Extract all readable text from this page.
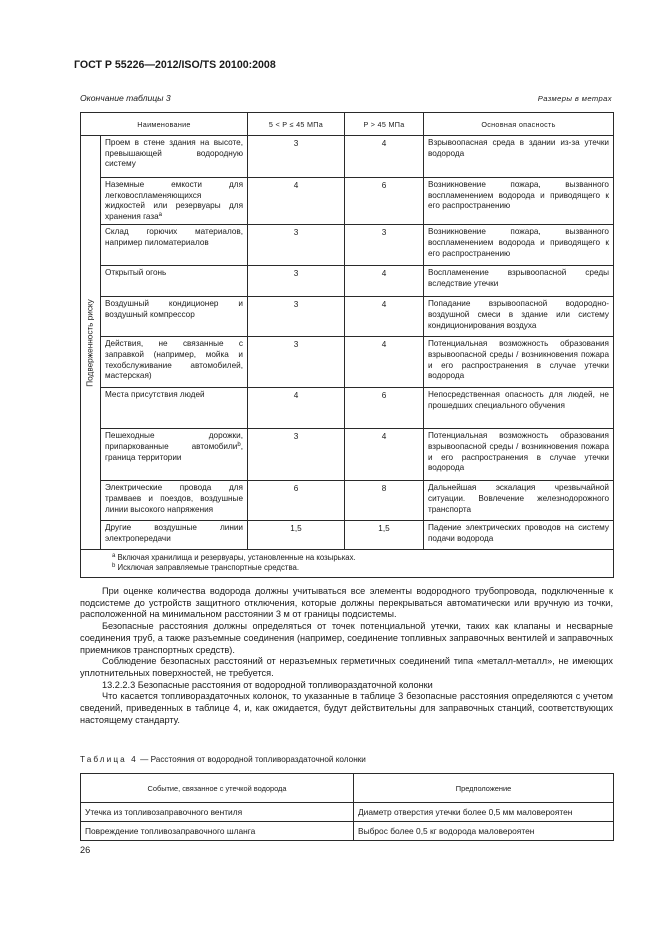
ГОСТ Р 55226—2012/ISO/TS 20100:2008
Окончание таблицы 3	Размеры в метрах
Наименование		5 < P ≤ 45 МПа	P > 45 МПа	Основная опасность

Подверженность риску	Проем в стене здания на высоте, превышающей водородную систему	3	4	Взрывоопасная среда в здании из-за утечки водорода
	Наземные емкости для легковоспламеняющихся жидкостей или резервуары для хранения газа$^a$	4	6	Возникновение пожара, вызванного воспламенением водорода и приводящего к его распространению
	Склад горючих материалов, например пиломатериалов	3	3	Возникновение пожара, вызванного воспламенением водорода и приводящего к его распространению
	Открытый огонь	3	4	Воспламенение взрывоопасной среды вследствие утечки
	Воздушный кондиционер и воздушный компрессор	3	4	Попадание взрывоопасной водородно-воздушной смеси в здание или систему кондиционирования воздуха
	Действия, не связанные с заправкой (например, мойка и техобслуживание автомобилей, мастерская)	3	4	Потенциальная возможность образования взрывоопасной среды / возникновения пожара и его распространения в случае утечки водорода
	Места присутствия людей	4	6	Непосредственная опасность для людей, не прошедших специального обучения
	Пешеходные дорожки, припаркованные автомобили$^b$, граница территории	3	4	Потенциальная возможность образования взрывоопасной среды / возникновения пожара и его распространения в случае утечки водорода
	Электрические провода для трамваев и поездов, воздушные линии высокого напряжения	6	8	Дальнейшая эскалация чрезвычайной ситуации. Вовлечение железнодорожного транспорта
	Другие воздушные линии электропередачи	1,5	1,5	Падение электрических проводов на систему подачи водорода

$^a$ Включая хранилища и резервуары, установленные на козырьках.
$^b$ Исключая заправляемые транспортные средства.				

При оценке количества водорода должны учитываться все элементы водородного трубопровода, подключенные к подсистеме до устройств защитного отключения, которые должны перекрываться автоматически или вручную из точки, расположенной на минимальном расстоянии 3 м от границы подсистемы.

Безопасные расстояния должны определяться от точек потенциальной утечки, таких как клапаны и несварные соединения труб, а также разъемные соединения (например, соединение топливных заправочных вентилей и заправочных приемников транспортных средств).

Соблюдение безопасных расстояний от неразъемных герметичных соединений типа «металл-металл», не имеющих уплотнительных поверхностей, не требуется.

13.2.2.3 Безопасные расстояния от водородной топливораздаточной колонки

Что касается топливораздаточных колонок, то указанные в таблице 3 безопасные расстояния определяются с учетом сведений, приведенных в таблице 4, и, как ожидается, будут действительны для заправочных станций, соответствующих настоящему стандарту.

Таблица 4 — Расстояния от водородной топливораздаточной колонки
Событие, связанное с утечкой водорода	Предположение
Утечка из топливозаправочного вентиля	Диаметр отверстия утечки более 0,5 мм маловероятен
Повреждение топливозаправочного шланга	Выброс более 0,5 кг водорода маловероятен
26
